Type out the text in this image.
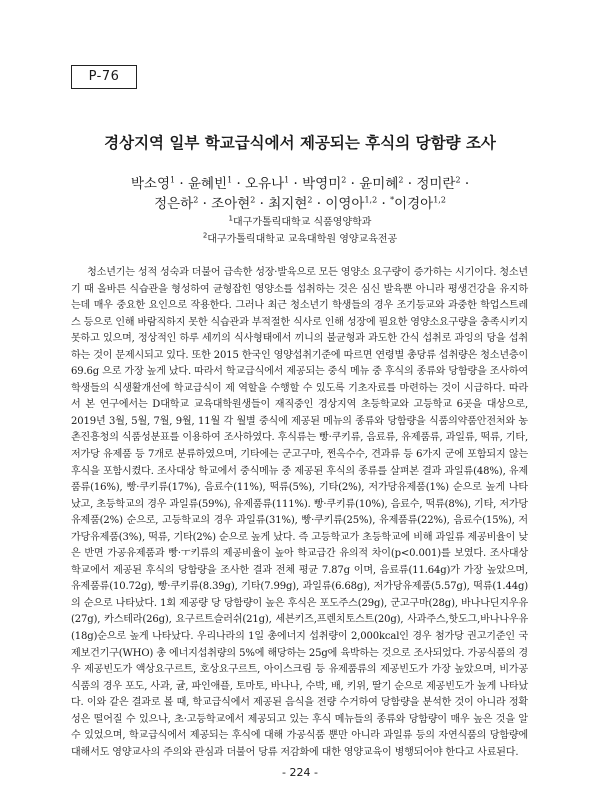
P-76
경상지역 일부 학교급식에서 제공되는 후식의 당함량 조사
박소영$^1$ · 윤혜빈$^1$ · 오유나$^1$ · 박영미$^2$ · 윤미혜$^2$ · 정미란$^2$ ·
정은하$^2$ · 조아현$^2$ · 최지현$^2$ · 이영아$^{1,2}$ · *이경아$^{1,2}$
$^1$대구가톨릭대학교 식품영양학과
$^2$대구가톨릭대학교 교육대학원 영양교육전공
청소년기는 성적 성숙과 더불어 급속한 성장·발육으로 모든 영양소 요구량이 증가하는 시기이다. 청소년기 때 올바른 식습관을 형성하여 균형잡힌 영양소를 섭취하는 것은 심신 발육뿐 아니라 평생건강을 유지하는데 매우 중요한 요인으로 작용한다. 그러나 최근 청소년기 학생들의 경우 조기등교와 과중한 학업스트레스 등으로 인해 바람직하지 못한 식습관과 부적절한 식사로 인해 성장에 필요한 영양소요구량을 충족시키지 못하고 있으며, 정상적인 하루 세끼의 식사형태에서 끼니의 불균형과 과도한 간식 섭취로 과잉의 당을 섭취하는 것이 문제시되고 있다. 또한 2015 한국인 영양섭취기준에 따르면 연령별 총당류 섭취량은 청소년층이 69.6g 으로 가장 높게 났다. 따라서 학교급식에서 제공되는 중식 메뉴 중 후식의 종류와 당함량을 조사하여 학생들의 식생활개선에 학교급식이 제 역할을 수행할 수 있도록 기초자료를 마련하는 것이 시급하다. 따라서 본 연구에서는 D대학교 교육대학원생들이 재직중인 경상지역 초등학교와 고등학교 6곳을 대상으로, 2019년 3월, 5월, 7월, 9월, 11월 각 월별 중식에 제공된 메뉴의 종류와 당함량을 식품의약품안전처와 농촌진흥청의 식품성분표를 이용하여 조사하였다. 후식류는 빵·쿠키류, 음료류, 유제품류, 과일류, 떡류, 기타, 저가당 유제품 등 7개로 분류하였으며, 기타에는 군고구마, 쩐옥수수, 견과류 등 6가지 군에 포함되지 않는 후식을 포함시켰다. 조사대상 학교에서 중식메뉴 중 제공된 후식의 종류를 살펴본 결과 과일류(48%), 유제품류(16%), 빵·쿠키류(17%), 음료수(11%), 떡류(5%), 기타(2%), 저가당유제품(1%) 순으로 높게 나타났고, 초등학교의 경우 과일류(59%), 유제품류(111%). 빵·쿠키류(10%), 음료수, 떡류(8%), 기타, 저가당유제품(2%) 순으로, 고등학교의 경우 과일류(31%), 빵·쿠키류(25%), 유제품류(22%), 음료수(15%), 저가당유제품(3%), 떡류, 기타(2%) 순으로 높게 났다. 즉 고등학교가 초등학교에 비해 과일류 제공비율이 낮은 반면 가공유제품과 빵·ㅜ키류의 제공비율이 높아 학교급간 유의적 차이(p<0.001)를 보였다. 조사대상 학교에서 제공된 후식의 당함량을 조사한 결과 전체 평균 7.87g 이며, 음료류(11.64g)가 가장 높았으며, 유제품류(10.72g), 빵·쿠키류(8.39g), 기타(7.99g), 과일류(6.68g), 저가당유제품(5.57g), 떡류(1.44g)의 순으로 나타났다. 1회 제공량 당 당함량이 높은 후식은 포도주스(29g), 군고구마(28g), 바나나딘지우유(27g), 카스테라(26g), 요구르트슬러쉬(21g), 세븐키즈,프렌치토스트(20g), 사과주스,핫도그,바나나우유(18g)순으로 높게 나타났다. 우리나라의 1일 총에너지 섭취량이 2,000kcal인 경우 첨가당 권고기준인 국제보건기구(WHO) 총 에너지섭취량의 5%에 해당하는 25g에 육박하는 것으로 조사되었다. 가공식품의 경우 제공빈도가 액상요구르트, 호상요구르트, 아이스크림 등 유제품류의 제공빈도가 가장 높았으며, 비가공식품의 경우 포도, 사과, 귤, 파인애플, 토마토, 바나나, 수박, 배, 키위, 딸기 순으로 제공빈도가 높게 나타났다. 이와 같은 결과로 볼 때, 학교급식에서 제공된 음식을 전량 수거하여 당함량을 분석한 것이 아니라 정확성은 떨어질 수 있으나, 초·고등학교에서 제공되고 있는 후식 메뉴들의 종류와 당함량이 매우 높은 것을 알 수 있었으며, 학교급식에서 제공되는 후식에 대해 가공식품 뿐만 아니라 과일류 등의 자연식품의 당함량에 대해서도 영양교사의 주의와 관심과 더불어 당류 저감화에 대한 영양교육이 병행되어야 한다고 사료된다.
- 224 -
